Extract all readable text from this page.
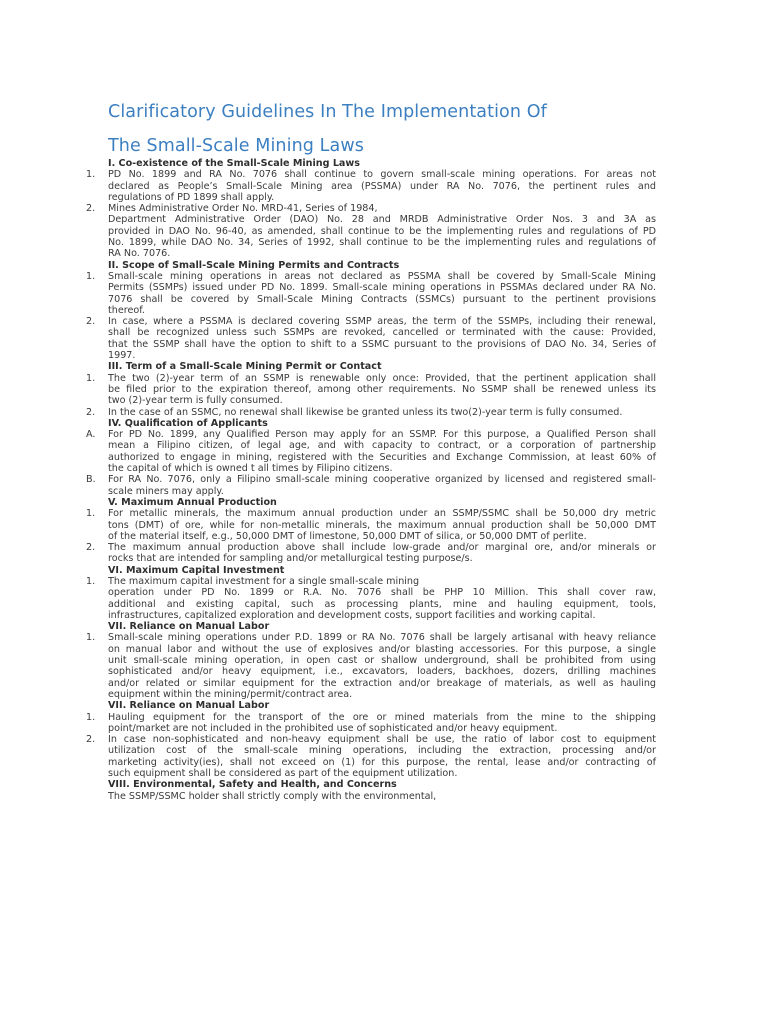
Clarificatory Guidelines In The Implementation Of
The Small-Scale Mining Laws
I. Co-existence of the Small-Scale Mining Laws
1. PD No. 1899 and RA No. 7076 shall continue to govern small-scale mining operations. For areas not
declared as People’s Small-Scale Mining area (PSSMA) under RA No. 7076, the pertinent rules and
regulations of PD 1899 shall apply.
2. Mines Administrative Order No. MRD-41, Series of 1984,
Department Administrative Order (DAO) No. 28 and MRDB Administrative Order Nos. 3 and 3A as
provided in DAO No. 96-40, as amended, shall continue to be the implementing rules and regulations of PD
No. 1899, while DAO No. 34, Series of 1992, shall continue to be the implementing rules and regulations of
RA No. 7076.
II. Scope of Small-Scale Mining Permits and Contracts
1. Small-scale mining operations in areas not declared as PSSMA shall be covered by Small-Scale Mining
Permits (SSMPs) issued under PD No. 1899. Small-scale mining operations in PSSMAs declared under RA No.
7076 shall be covered by Small-Scale Mining Contracts (SSMCs) pursuant to the pertinent provisions
thereof.
2. In case, where a PSSMA is declared covering SSMP areas, the term of the SSMPs, including their renewal,
shall be recognized unless such SSMPs are revoked, cancelled or terminated with the cause: Provided,
that the SSMP shall have the option to shift to a SSMC pursuant to the provisions of DAO No. 34, Series of
1997.
III. Term of a Small-Scale Mining Permit or Contact
1. The two (2)-year term of an SSMP is renewable only once: Provided, that the pertinent application shall
be filed prior to the expiration thereof, among other requirements. No SSMP shall be renewed unless its
two (2)-year term is fully consumed.
2. In the case of an SSMC, no renewal shall likewise be granted unless its two(2)-year term is fully consumed.
IV. Qualification of Applicants
A. For PD No. 1899, any Qualified Person may apply for an SSMP. For this purpose, a Qualified Person shall
mean a Filipino citizen, of legal age, and with capacity to contract, or a corporation of partnership
authorized to engage in mining, registered with the Securities and Exchange Commission, at least 60% of
the capital of which is owned t all times by Filipino citizens.
B. For RA No. 7076, only a Filipino small-scale mining cooperative organized by licensed and registered small-
scale miners may apply.
V. Maximum Annual Production
1. For metallic minerals, the maximum annual production under an SSMP/SSMC shall be 50,000 dry metric
tons (DMT) of ore, while for non-metallic minerals, the maximum annual production shall be 50,000 DMT
of the material itself, e.g., 50,000 DMT of limestone, 50,000 DMT of silica, or 50,000 DMT of perlite.
2. The maximum annual production above shall include low-grade and/or marginal ore, and/or minerals or
rocks that are intended for sampling and/or metallurgical testing purpose/s.
VI. Maximum Capital Investment
1. The maximum capital investment for a single small-scale mining
operation under PD No. 1899 or R.A. No. 7076 shall be PHP 10 Million. This shall cover raw,
additional and existing capital, such as processing plants, mine and hauling equipment, tools,
infrastructures, capitalized exploration and development costs, support facilities and working capital.
VII. Reliance on Manual Labor
1. Small-scale mining operations under P.D. 1899 or RA No. 7076 shall be largely artisanal with heavy reliance
on manual labor and without the use of explosives and/or blasting accessories. For this purpose, a single
unit small-scale mining operation, in open cast or shallow underground, shall be prohibited from using
sophisticated and/or heavy equipment, i.e., excavators, loaders, backhoes, dozers, drilling machines
and/or related or similar equipment for the extraction and/or breakage of materials, as well as hauling
equipment within the mining/permit/contract area.
VII. Reliance on Manual Labor
1. Hauling equipment for the transport of the ore or mined materials from the mine to the shipping
point/market are not included in the prohibited use of sophisticated and/or heavy equipment.
2. In case non-sophisticated and non-heavy equipment shall be use, the ratio of labor cost to equipment
utilization cost of the small-scale mining operations, including the extraction, processing and/or
marketing activity(ies), shall not exceed on (1) for this purpose, the rental, lease and/or contracting of
such equipment shall be considered as part of the equipment utilization.
VIII. Environmental, Safety and Health, and Concerns
The SSMP/SSMC holder shall strictly comply with the environmental,
